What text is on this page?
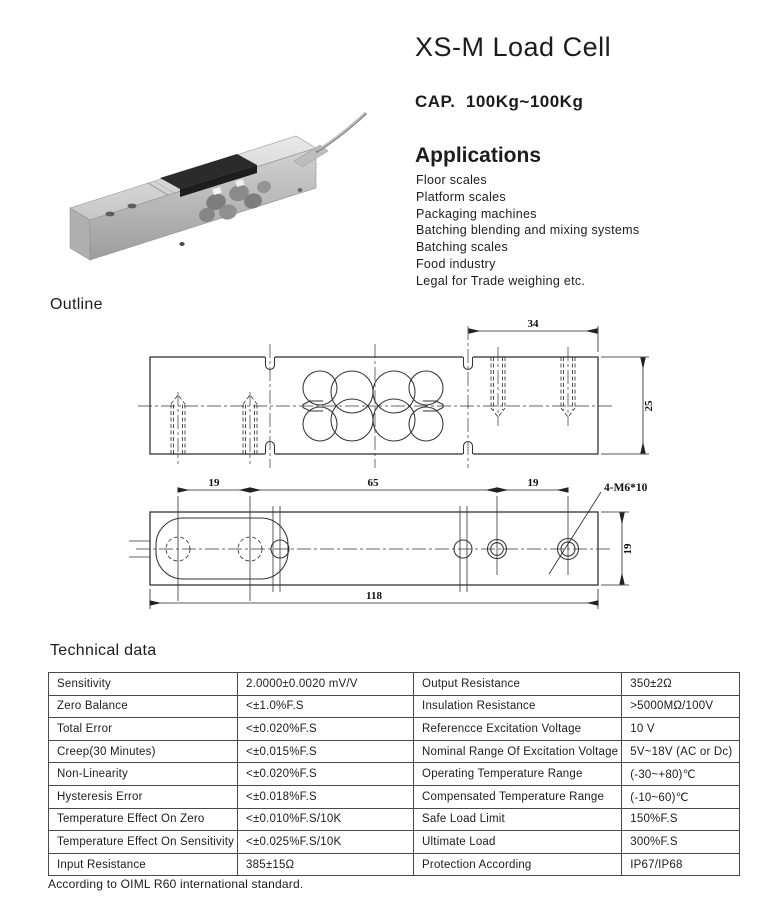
XS-M Load Cell
CAP.  100Kg~100Kg
Applications
Floor scales
Platform scales
Packaging machines
Batching blending and mixing systems
Batching scales
Food industry
Legal for Trade weighing etc.
Outline
34
25
19	65	19	4-M6*10
118
19
Technical data
Sensitivity	2.0000±0.0020 mV/V	Output Resistance	350±2Ω
Zero Balance	<±1.0%F.S	Insulation Resistance	>5000MΩ/100V
Total Error	<±0.020%F.S	Referencce Excitation Voltage	10 V
Creep(30 Minutes)	<±0.015%F.S	Nominal Range Of Excitation Voltage	5V~18V (AC or Dc)
Non-Linearity	<±0.020%F.S	Operating Temperature Range	(-30~+80)℃
Hysteresis Error	<±0.018%F.S	Compensated Temperature Range	(-10~60)℃
Temperature Effect On Zero	<±0.010%F.S/10K	Safe Load Limit	150%F.S
Temperature Effect On Sensitivity	<±0.025%F.S/10K	Ultimate Load	300%F.S
Input Resistance	385±15Ω	Protection According	IP67/IP68
According to OIML R60 international standard.
